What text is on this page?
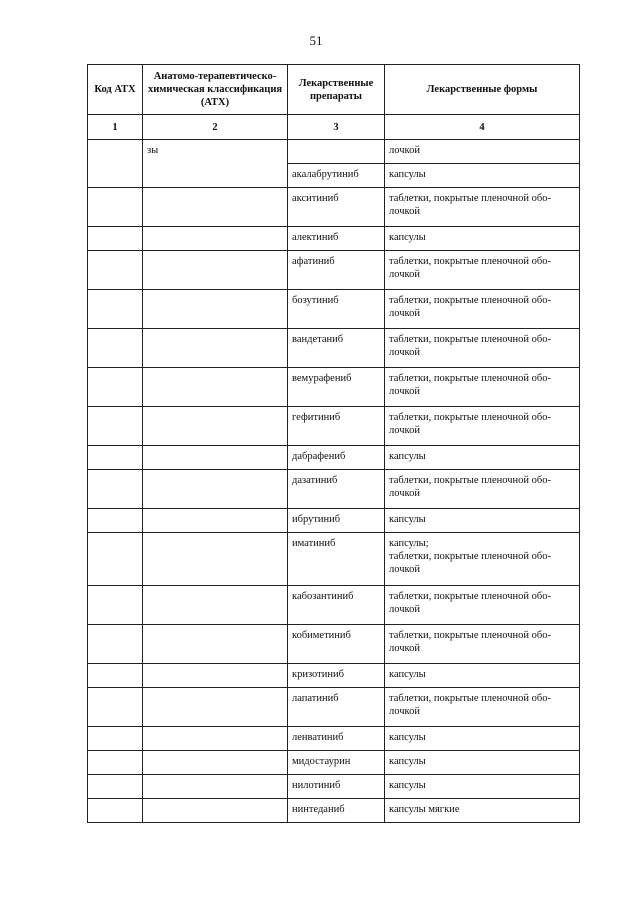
51
Код АТХ	Анатомо-терапевтическо-химическая классификация (АТХ)	Лекарственные препараты	Лекарственные формы
1	2	3	4
	зы		лочкой
		акалабрутиниб	капсулы

		акситиниб	таблетки, покрытые пленочной обо-
лочкой

		алектиниб	капсулы

		афатиниб	таблетки, покрытые пленочной обо-
лочкой

		бозутиниб	таблетки, покрытые пленочной обо-
лочкой

		вандетаниб	таблетки, покрытые пленочной обо-
лочкой

		вемурафениб	таблетки, покрытые пленочной обо-
лочкой

		гефитиниб	таблетки, покрытые пленочной обо-
лочкой

		дабрафениб	капсулы

		дазатиниб	таблетки, покрытые пленочной обо-
лочкой

		ибрутиниб	капсулы

		иматиниб	капсулы;
таблетки, покрытые пленочной обо-
лочкой

		кабозантиниб	таблетки, покрытые пленочной обо-
лочкой

		кобиметиниб	таблетки, покрытые пленочной обо-
лочкой

		кризотиниб	капсулы

		лапатиниб	таблетки, покрытые пленочной обо-
лочкой

		ленватиниб	капсулы

		мидостаурин	капсулы

		нилотиниб	капсулы

		нинтеданиб	капсулы мягкие
